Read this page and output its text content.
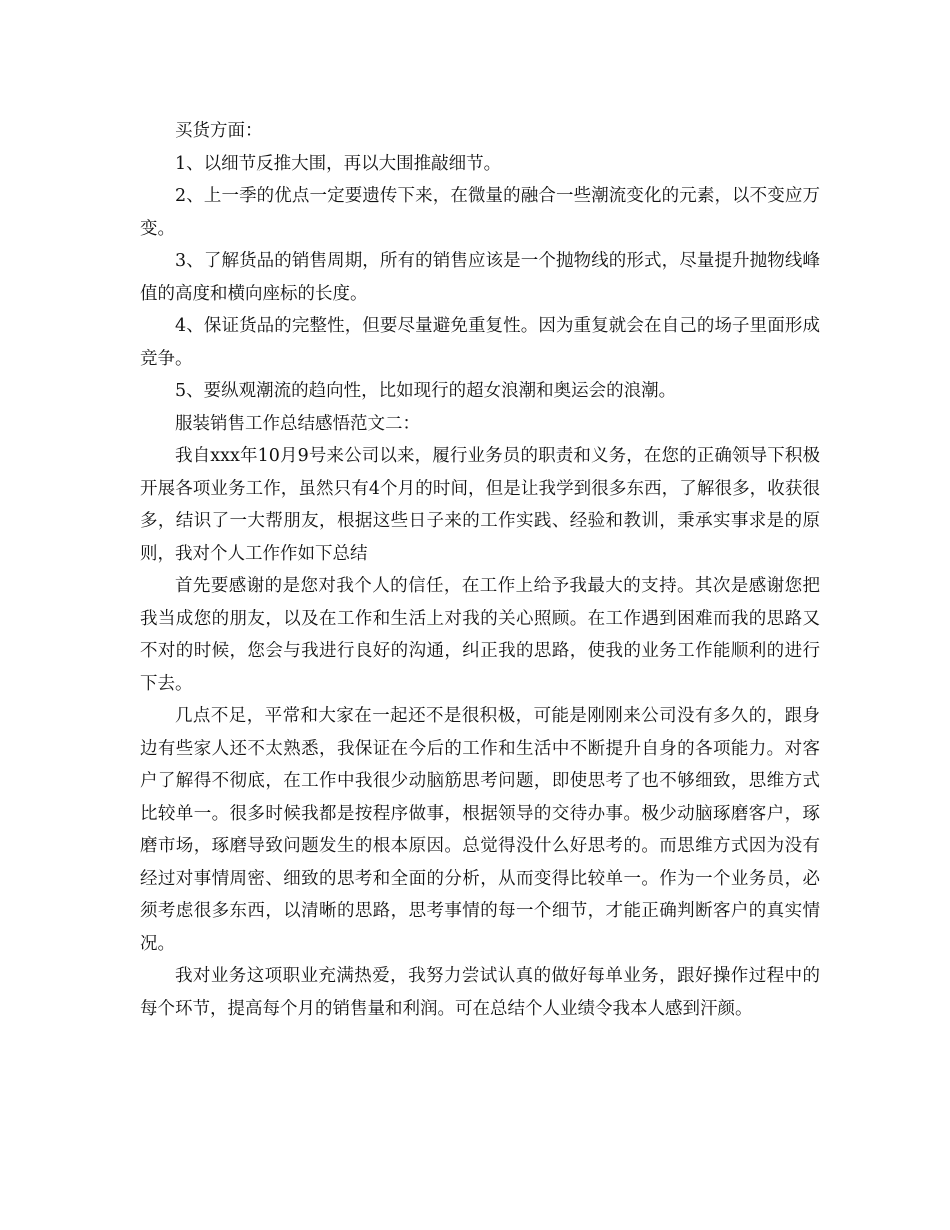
买货方面：

1、以细节反推大围，再以大围推敲细节。

2、上一季的优点一定要遗传下来，在微量的融合一些潮流变化的元素，以不变应万变。

3、了解货品的销售周期，所有的销售应该是一个抛物线的形式，尽量提升抛物线峰值的高度和横向座标的长度。

4、保证货品的完整性，但要尽量避免重复性。因为重复就会在自己的场子里面形成竞争。

5、要纵观潮流的趋向性，比如现行的超女浪潮和奥运会的浪潮。

服装销售工作总结感悟范文二：

我自xxx年10月9号来公司以来，履行业务员的职责和义务，在您的正确领导下积极开展各项业务工作，虽然只有4个月的时间，但是让我学到很多东西，了解很多，收获很多，结识了一大帮朋友，根据这些日子来的工作实践、经验和教训，秉承实事求是的原则，我对个人工作作如下总结

首先要感谢的是您对我个人的信任，在工作上给予我最大的支持。其次是感谢您把我当成您的朋友，以及在工作和生活上对我的关心照顾。在工作遇到困难而我的思路又不对的时候，您会与我进行良好的沟通，纠正我的思路，使我的业务工作能顺利的进行下去。

几点不足，平常和大家在一起还不是很积极，可能是刚刚来公司没有多久的，跟身边有些家人还不太熟悉，我保证在今后的工作和生活中不断提升自身的各项能力。对客户了解得不彻底，在工作中我很少动脑筋思考问题，即使思考了也不够细致，思维方式比较单一。很多时候我都是按程序做事，根据领导的交待办事。极少动脑琢磨客户，琢磨市场，琢磨导致问题发生的根本原因。总觉得没什么好思考的。而思维方式因为没有经过对事情周密、细致的思考和全面的分析，从而变得比较单一。作为一个业务员，必须考虑很多东西，以清晰的思路，思考事情的每一个细节，才能正确判断客户的真实情况。

我对业务这项职业充满热爱，我努力尝试认真的做好每单业务，跟好操作过程中的每个环节，提高每个月的销售量和利润。可在总结个人业绩令我本人感到汗颜。
